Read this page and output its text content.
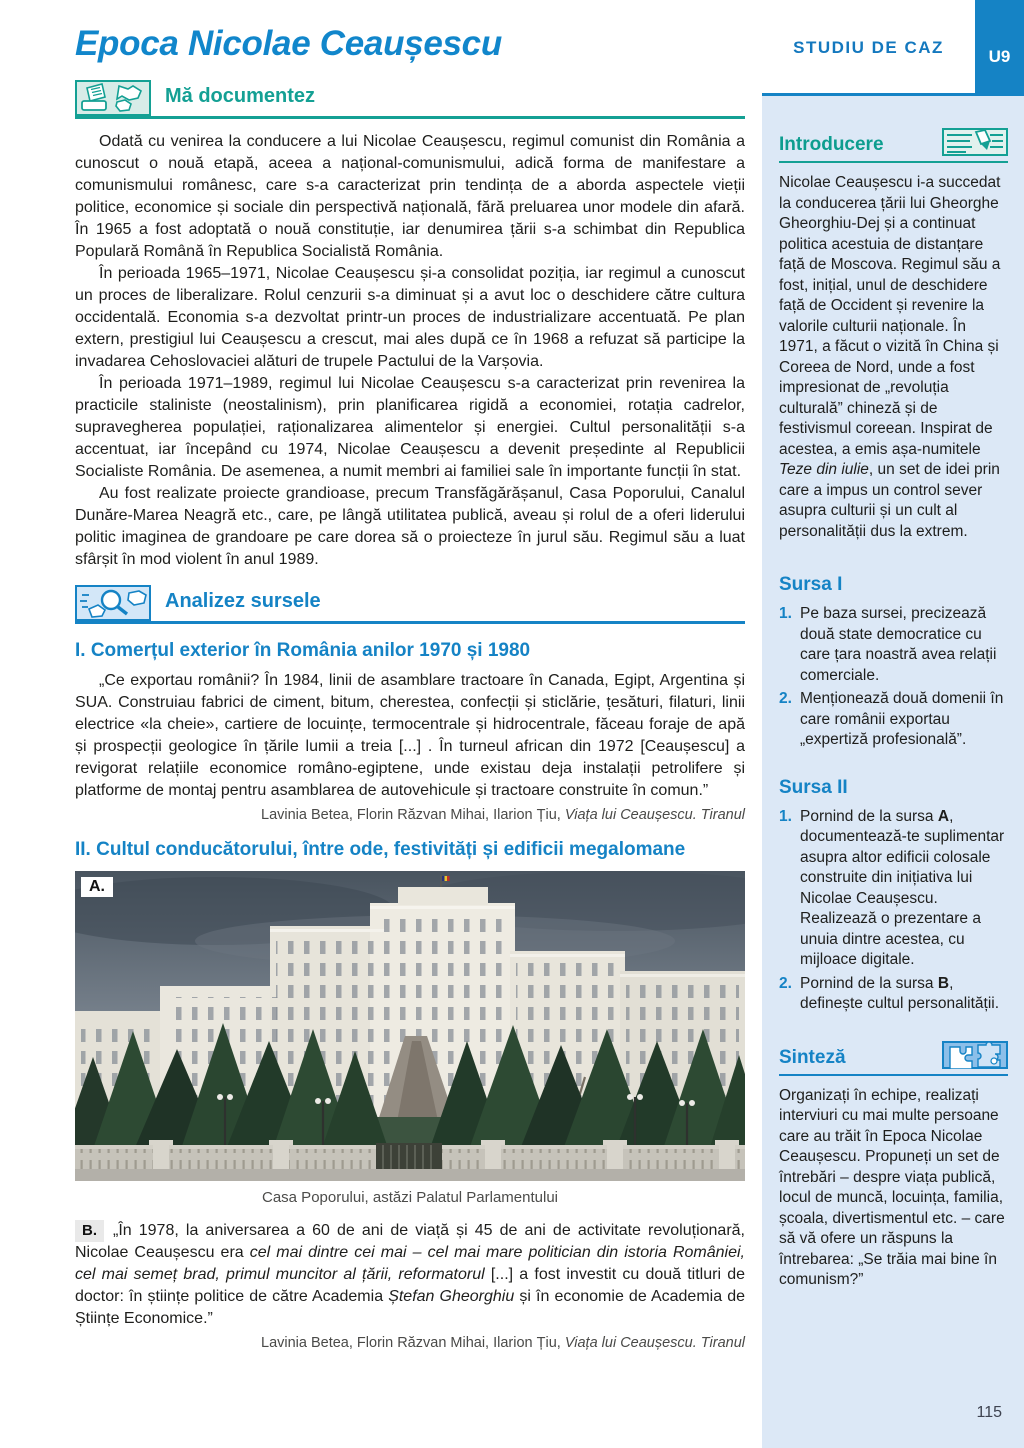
STUDIU DE CAZ	U9
Epoca Nicolae Ceaușescu
Mă documentez

Odată cu venirea la conducere a lui Nicolae Ceaușescu, regimul comunist din România a cunoscut o nouă etapă, aceea a național-comunismului, adică forma de manifestare a comunismului românesc, care s-a caracterizat prin tendința de a aborda aspectele vieții politice, economice și sociale din perspectivă națională, fără preluarea unor modele din afară. În 1965 a fost adoptată o nouă constituție, iar denumirea țării s-a schimbat din Republica Populară Română în Republica Socialistă România.

În perioada 1965–1971, Nicolae Ceaușescu și-a consolidat poziția, iar regimul a cunoscut un proces de liberalizare. Rolul cenzurii s-a diminuat și a avut loc o deschidere către cultura occidentală. Economia s-a dezvoltat printr-un proces de industrializare accentuată. Pe plan extern, prestigiul lui Ceaușescu a crescut, mai ales după ce în 1968 a refuzat să participe la invadarea Cehoslovaciei alături de trupele Pactului de la Varșovia.

În perioada 1971–1989, regimul lui Nicolae Ceaușescu s-a caracterizat prin revenirea la practicile staliniste (neostalinism), prin planificarea rigidă a economiei, rotația cadrelor, supravegherea populației, raționalizarea alimentelor și energiei. Cultul personalității s-a accentuat, iar începând cu 1974, Nicolae Ceaușescu a devenit președinte al Republicii Socialiste România. De asemenea, a numit membri ai familiei sale în importante funcții în stat.

Au fost realizate proiecte grandioase, precum Transfăgărășanul, Casa Poporului, Canalul Dunăre-Marea Neagră etc., care, pe lângă utilitatea publică, aveau și rolul de a oferi liderului politic imaginea de grandoare pe care dorea să o proiecteze în jurul său. Regimul său a luat sfârșit în mod violent în anul 1989.

Analizez sursele
I. Comerțul exterior în România anilor 1970 și 1980

„Ce exportau românii? În 1984, linii de asamblare tractoare în Canada, Egipt, Argentina și SUA. Construiau fabrici de ciment, bitum, cherestea, confecții și sticlărie, țesături, filaturi, linii electrice «la cheie», cartiere de locuințe, termocentrale și hidrocentrale, făceau foraje de apă și prospecții geologice în țările lumii a treia [...] . În turneul african din 1972 [Ceaușescu] a revigorat relațiile economice româno-egiptene, unde existau deja instalații petrolifere și platforme de montaj pentru asamblarea de autovehicule și tractoare construite în comun.”

Lavinia Betea, Florin Răzvan Mihai, Ilarion Țiu, Viața lui Ceaușescu. Tiranul
II. Cultul conducătorului, între ode, festivități și edificii megalomane
A.
Casa Poporului, astăzi Palatul Parlamentului

B. „În 1978, la aniversarea a 60 de ani de viață și 45 de ani de activitate revoluționară, Nicolae Ceaușescu era cel mai dintre cei mai – cel mai mare politician din istoria României, cel mai semeț brad, primul muncitor al țării, reformatorul [...] a fost investit cu două titluri de doctor: în științe politice de către Academia Ștefan Gheorghiu și în economie de Academia de Științe Economice.”

Lavinia Betea, Florin Răzvan Mihai, Ilarion Țiu, Viața lui Ceaușescu. Tiranul
Introducere
Nicolae Ceaușescu i-a succedat la conducerea țării lui Gheorghe Gheorghiu-Dej și a continuat politica acestuia de distanțare față de Moscova. Regimul său a fost, inițial, unul de deschidere față de Occident și revenire la valorile culturii naționale. În 1971, a făcut o vizită în China și Coreea de Nord, unde a fost impresionat de „revoluția culturală” chineză și de festivismul coreean. Inspirat de acestea, a emis așa-numitele Teze din iulie, un set de idei prin care a impus un control sever asupra culturii și un cult al personalității dus la extrem.
Sursa I
1. Pe baza sursei, precizează două state democratice cu care țara noastră avea relații comerciale.
2. Menționează două domenii în care românii exportau „expertiză profesională”.
Sursa II
1. Pornind de la sursa A, documentează-te suplimentar asupra altor edificii colosale construite din inițiativa lui Nicolae Ceaușescu. Realizează o prezentare a unuia dintre acestea, cu mijloace digitale.
2. Pornind de la sursa B, definește cultul personalității.
Sinteză
Organizați în echipe, realizați interviuri cu mai multe persoane care au trăit în Epoca Nicolae Ceaușescu. Propuneți un set de întrebări – despre viața publică, locul de muncă, locuința, familia, școala, divertismentul etc. – care să vă ofere un răspuns la întrebarea: „Se trăia mai bine în comunism?”
115
